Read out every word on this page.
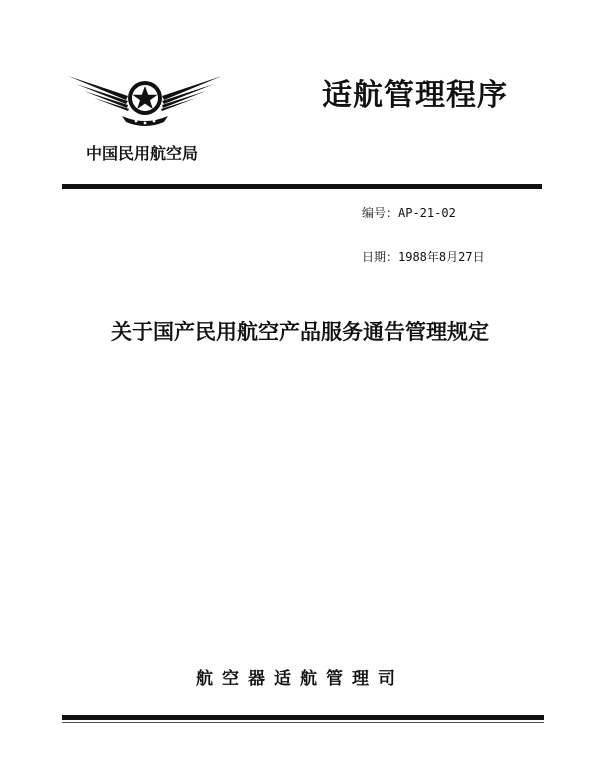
适航管理程序
中国民用航空局
编号：AP-21-02
日期：1988年8月27日
关于国产民用航空产品服务通告管理规定
航空器适航管理司
